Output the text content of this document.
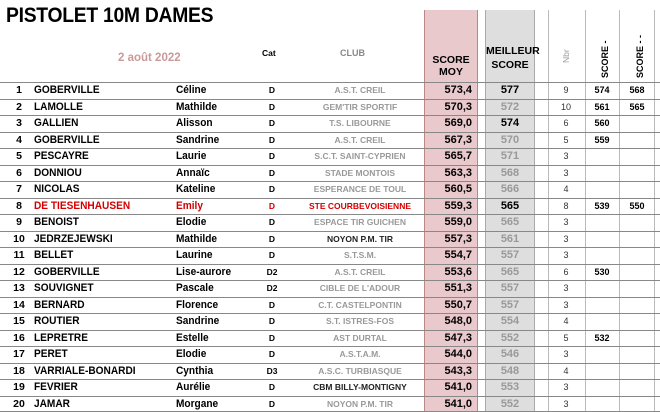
SCORE MOY
MEILLEUR
SCORE
PISTOLET 10M DAMES
2 août 2022	Cat	CLUB	Nbr	SCORE -	SCORE - -
1	GOBERVILLE	Céline	D	A.S.T. CREIL	573,4	577	9	574	568
2	LAMOLLE	Mathilde	D	GEM'TIR SPORTIF	570,3	572	10	561	565
3	GALLIEN	Alisson	D	T.S. LIBOURNE	569,0	574	6	560
4	GOBERVILLE	Sandrine	D	A.S.T. CREIL	567,3	570	5	559
5	PESCAYRE	Laurie	D	S.C.T. SAINT-CYPRIEN	565,7	571	3
6	DONNIOU	Annaïc	D	STADE MONTOIS	563,3	568	3
7	NICOLAS	Kateline	D	ESPERANCE DE TOUL	560,5	566	4
8	DE TIESENHAUSEN	Emily	D	STE COURBEVOISIENNE	559,3	565	8	539	550
9	BENOIST	Elodie	D	ESPACE TIR GUICHEN	559,0	565	3
10 JEDRZEJEWSKI	Mathilde	D	NOYON P.M. TIR	557,3	561	3
11 BELLET	Laurine	D	S.T.S.M.	554,7	557	3
12 GOBERVILLE	Lise-aurore	D2	A.S.T. CREIL	553,6	565	6	530
13 SOUVIGNET	Pascale	D2	CIBLE DE L'ADOUR	551,3	557	3
14 BERNARD	Florence	D	C.T. CASTELPONTIN	550,7	557	3
15 ROUTIER	Sandrine	D	S.T. ISTRES-FOS	548,0	554	4
16 LEPRETRE	Estelle	D	AST DURTAL	547,3	552	5	532
17 PERET	Elodie	D	A.S.T.A.M.	544,0	546	3
18 VARRIALE-BONARDI	Cynthia	D3	A.S.C. TURBIASQUE	543,3	548	4
19 FEVRIER	Aurélie	D	CBM BILLY-MONTIGNY	541,0	553	3
20 JAMAR	Morgane	D	NOYON P.M. TIR	541,0	552	3
